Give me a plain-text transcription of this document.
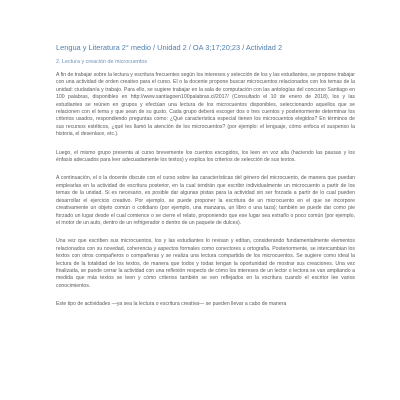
Lengua y Literatura 2° medio / Unidad 2 / OA 3;17;20;23 / Actividad 2
2. Lectura y creación de microcuentos

A fin de trabajar sobre la lectura y escritura frecuentes según los intereses y selección de los y las estudiantes, se propone trabajar con una actividad de orden creativo para el curso. El o la docente propone buscar microcuentos relacionados con los temas de la unidad: ciudadanía y trabajo. Para ello, se sugiere trabajar en la sala de computación con las antologías del concurso Santiago en 100 palabras, disponibles en http://www.santiagoen100palabras.cl/2017/ (Consultado el 10 de enero de 2018), los y las estudiantes se reúnen en grupos y efectúan una lectura de los microcuentos disponibles, seleccionando aquellos que se relacionen con el tema y que sean de su gusto. Cada grupo deberá escoger dos o tres cuentos y posteriormente determinar los criterios usados, respondiendo preguntas como: ¿Qué característica especial tienen los microcuentos elegidos? En términos de sus recursos estéticos, ¿qué les llamó la atención de los microcuentos? (por ejemplo: el lenguaje, cómo enfoca el suspenso la historia, el desenlace, etc.).

Luego, el mismo grupo presenta al curso brevemente los cuentos escogidos, los leen en voz alta (haciendo las pausas y los énfasis adecuados para leer adecuadamente los textos) y explica los criterios de selección de sus textos.

A continuación, el o la docente discute con el curso sobre las características del género del microcuento, de manera que puedan emplearlas en la actividad de escritura posterior, en la cual tendrán que escribir individualmente un microcuento a partir de los temas de la unidad. Si es necesario, es posible dar algunas pistas para la actividad sin ser forzada a partir de lo cual pueden desarrollar el ejercicio creativo. Por ejemplo, se puede proponer la escritura de un microcuento en el que se incorpore creativamente un objeto común o cotidiano (por ejemplo, una manzana, un libro o una taza); también se puede dar como pie forzado un lugar desde el cual comience o se cierre el relato, proponiendo que ese lugar sea extraño o poco común (por ejemplo, el motor de un auto, dentro de un refrigerador o dentro de un paquete de dulces).

Una vez que escriben sus microcuentos, los y las estudiantes lo revisan y editan, considerando fundamentalmente elementos relacionados con su novedad, coherencia y aspectos formales como conectores u ortografía. Posteriormente, se intercambian los textos con otros compañeros o compañeras y se realiza una lectura compartida de los microcuentos. Se sugiere como ideal la lectura de la totalidad de los textos, de manera que todos y todas tengan la oportunidad de mostrar sus creaciones. Una vez finalizada, se puede cerrar la actividad con una reflexión respecto de cómo los intereses de un lector o lectora se van ampliando a medida que más textos se leen y cómo criterios también se ven reflejados en la escritura cuando el escritor lee varios conocimientos.

Este tipo de actividades —ya sea la lectura o escritura creativa— se pueden llevar a cabo de manera
